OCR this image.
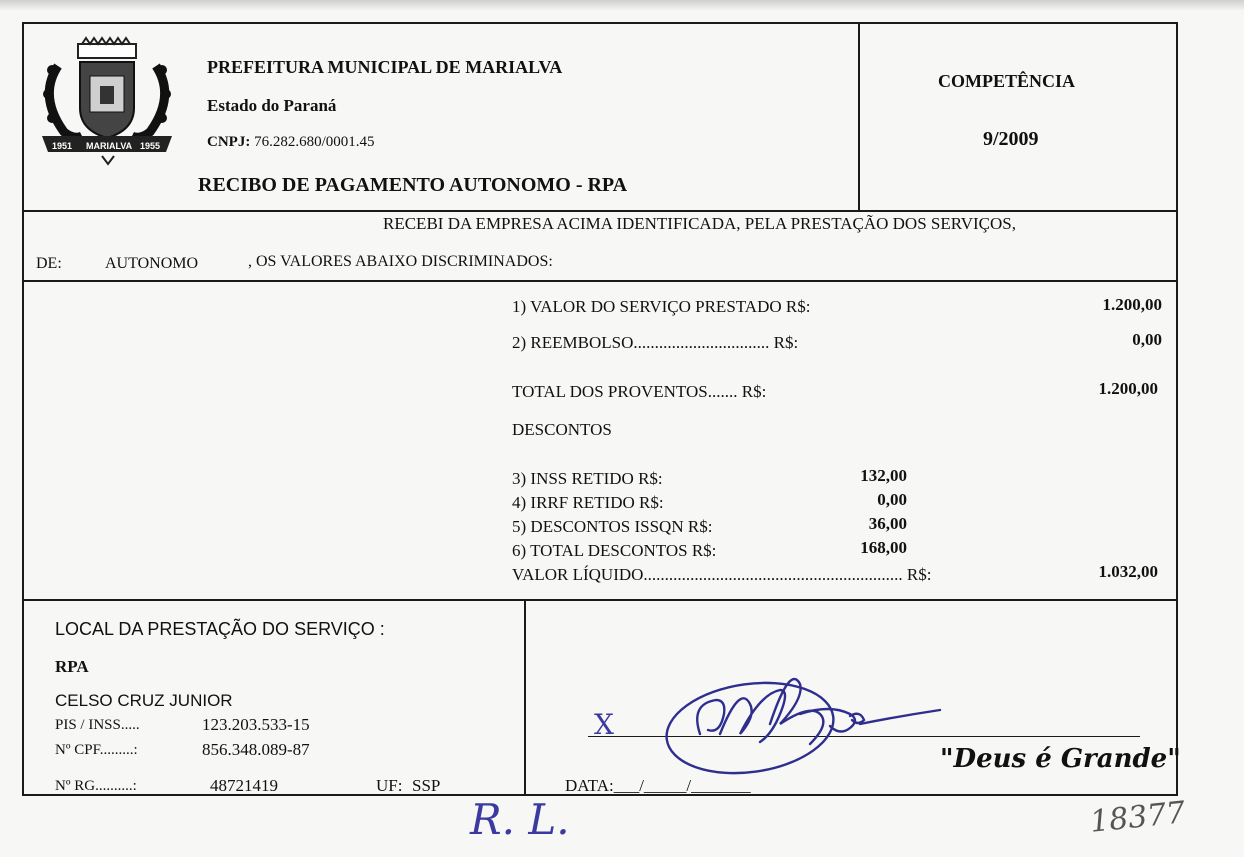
1951 MARIALVA 1955
PREFEITURA MUNICIPAL DE MARIALVA
Estado do Paraná
CNPJ: 76.282.680/0001.45
RECIBO DE PAGAMENTO AUTONOMO - RPA
COMPETÊNCIA
9/2009
RECEBI DA EMPRESA ACIMA IDENTIFICADA, PELA PRESTAÇÃO DOS SERVIÇOS,
DE:	AUTONOMO	, OS VALORES ABAIXO DISCRIMINADOS:
1) VALOR DO SERVIÇO PRESTADO R$:	1.200,00
2) REEMBOLSO................................ R$:	0,00
TOTAL DOS PROVENTOS....... R$:	1.200,00
DESCONTOS
3) INSS RETIDO R$:	132,00
4) IRRF RETIDO R$:	0,00
5) DESCONTOS ISSQN R$:	36,00
6) TOTAL DESCONTOS R$:	168,00
VALOR LÍQUIDO............................................................. R$:	1.032,00
LOCAL DA PRESTAÇÃO DO SERVIÇO :
RPA
CELSO CRUZ JUNIOR
PIS / INSS.....	123.203.533-15
Nº CPF.........:	856.348.089-87
Nº RG..........:	48721419	UF: SSP
X	CasCru Junior
"Deus é Grande"
DATA:___/_____/_______
R. L.	18377
